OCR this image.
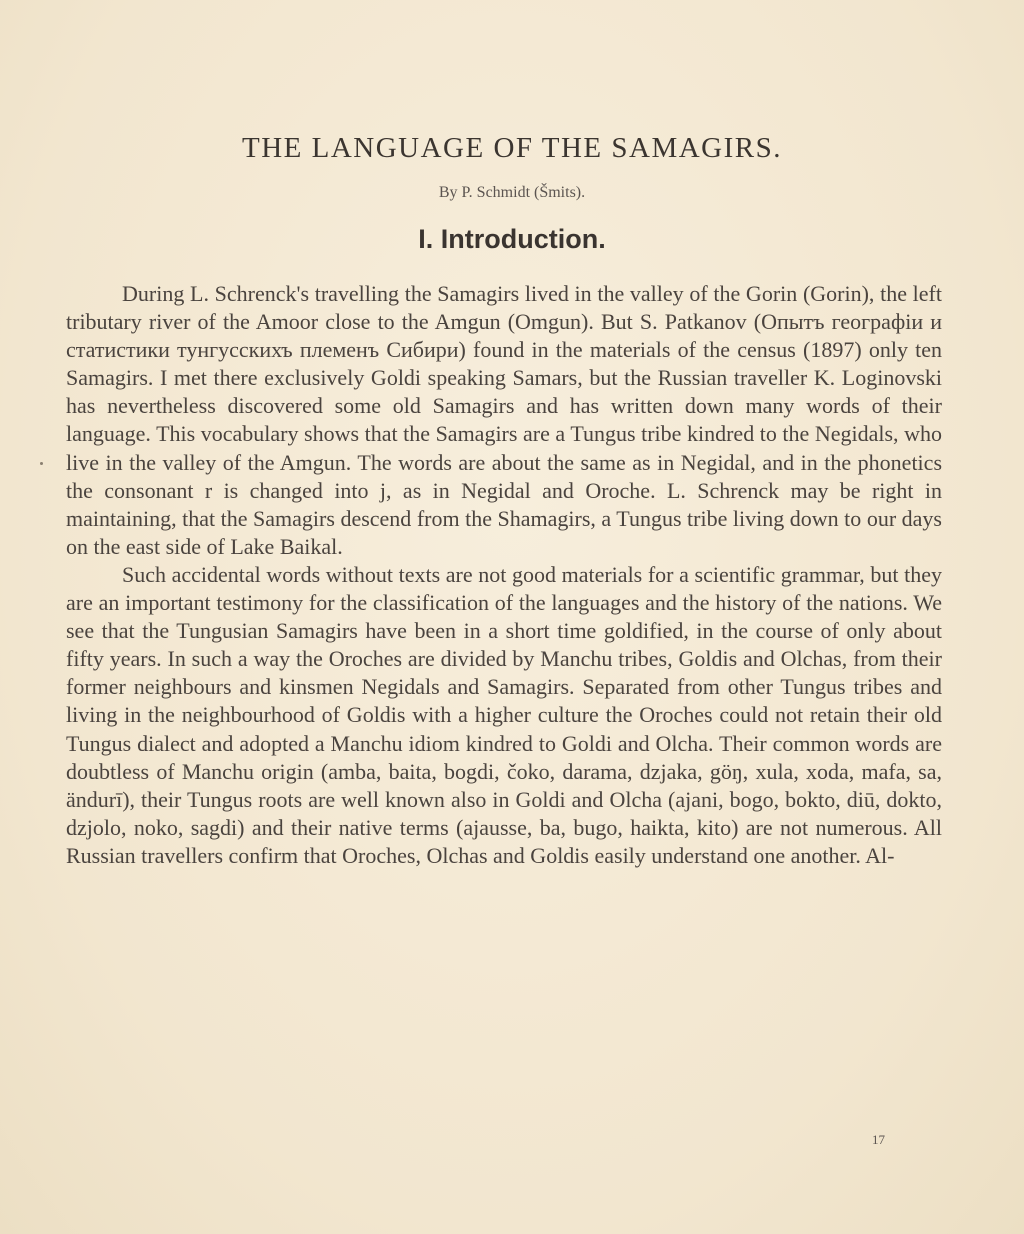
THE LANGUAGE OF THE SAMAGIRS.
By P. Schmidt (Šmits).
I. Introduction.

During L. Schrenck's travelling the Samagirs lived in the valley of the Gorin (Gorin), the left tributary river of the Amoor close to the Amgun (Omgun). But S. Patkanov (Опытъ географіи и статистики тунгусскихъ племенъ Сибири) found in the materials of the census (1897) only ten Samagirs. I met there exclusively Goldi speaking Samars, but the Russian traveller K. Loginovski has nevertheless discovered some old Samagirs and has written down many words of their language. This vocabulary shows that the Samagirs are a Tungus tribe kindred to the Negidals, who live in the valley of the Amgun. The words are about the same as in Negidal, and in the phonetics the consonant r is changed into j, as in Negidal and Oroche. L. Schrenck may be right in maintaining, that the Samagirs descend from the Shamagirs, a Tungus tribe living down to our days on the east side of Lake Baikal.

Such accidental words without texts are not good materials for a scientific grammar, but they are an important testimony for the classification of the languages and the history of the nations. We see that the Tungusian Samagirs have been in a short time goldified, in the course of only about fifty years. In such a way the Oroches are divided by Manchu tribes, Goldis and Olchas, from their former neighbours and kinsmen Negidals and Samagirs. Separated from other Tungus tribes and living in the neighbourhood of Goldis with a higher culture the Oroches could not retain their old Tungus dialect and adopted a Manchu idiom kindred to Goldi and Olcha. Their common words are doubtless of Manchu origin (amba, baita, bogdi, čoko, darama, dzjaka, göŋ, xula, xoda, mafa, sa, ändurī), their Tungus roots are well known also in Goldi and Olcha (ajani, bogo, bokto, diū, dokto, dzjolo, noko, sagdi) and their native terms (ajausse, ba, bugo, haikta, kito) are not numerous. All Russian travellers confirm that Oroches, Olchas and Goldis easily understand one another. Al-

17
